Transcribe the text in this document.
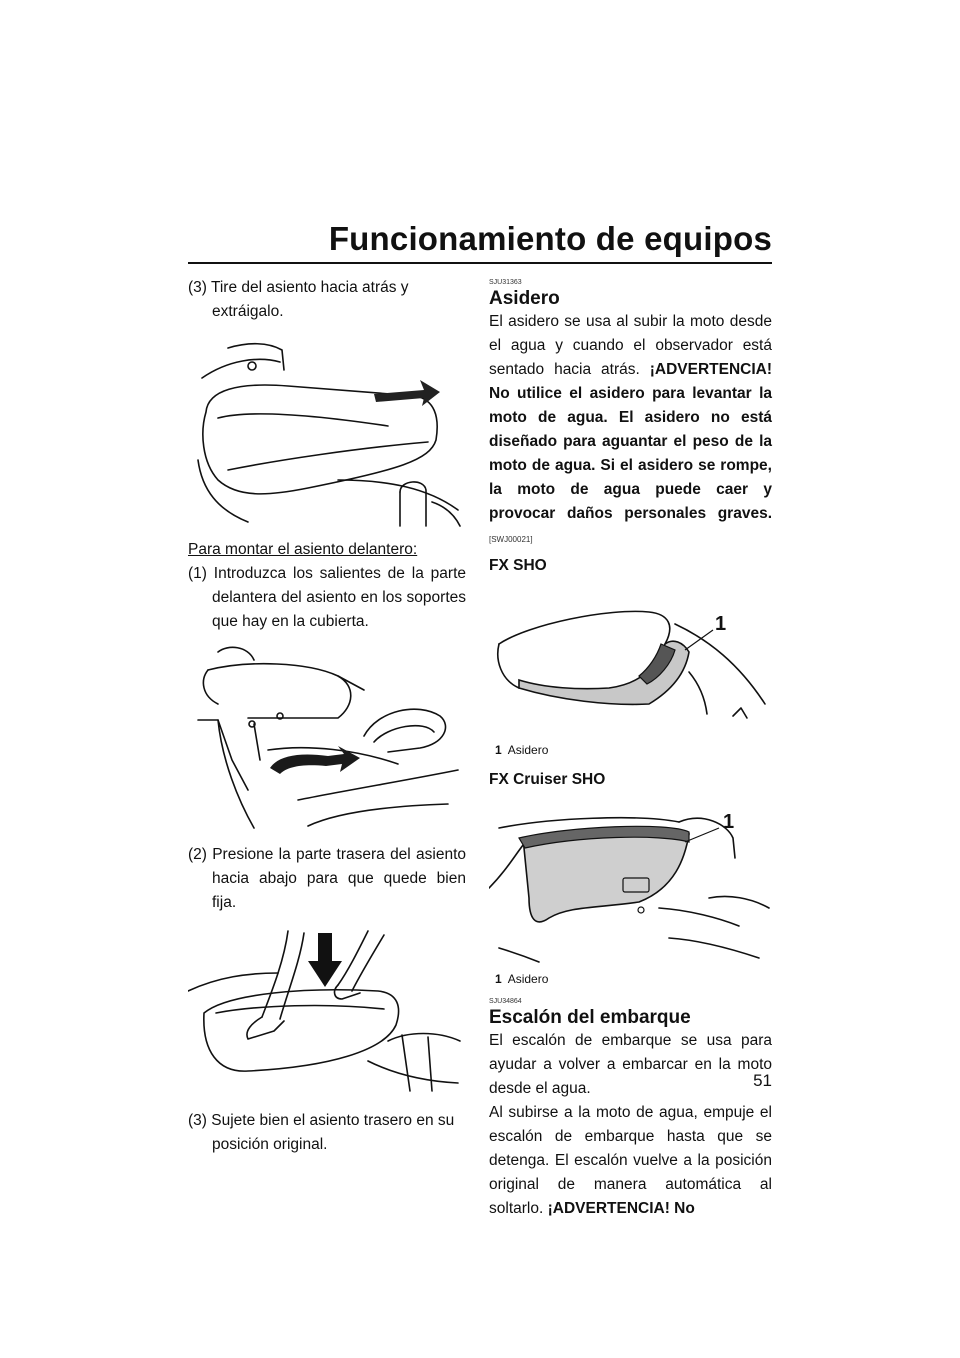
Funcionamiento de equipos

(3) Tire del asiento hacia atrás y extráigalo.

Para montar el asiento delantero:

(1) Introduzca los salientes de la parte delantera del asiento en los soportes que hay en la cubierta.

(2) Presione la parte trasera del asiento hacia abajo para que quede bien fija.

(3) Sujete bien el asiento trasero en su posición original.

SJU31363
Asidero

El asidero se usa al subir la moto desde el agua y cuando el observador está sentado hacia atrás. ¡ADVERTENCIA! No utilice el asidero para levantar la moto de agua. El asidero no está diseñado para aguantar el peso de la moto de agua. Si el asidero se rompe, la moto de agua puede caer y provocar daños personales graves. [SWJ00021]

FX SHO

1
1 Asidero

FX Cruiser SHO

1
1 Asidero
SJU34864
Escalón del embarque

El escalón de embarque se usa para ayudar a volver a embarcar en la moto desde el agua.

Al subirse a la moto de agua, empuje el escalón de embarque hasta que se detenga. El escalón vuelve a la posición original de manera automática al soltarlo. ¡ADVERTENCIA! No

51
